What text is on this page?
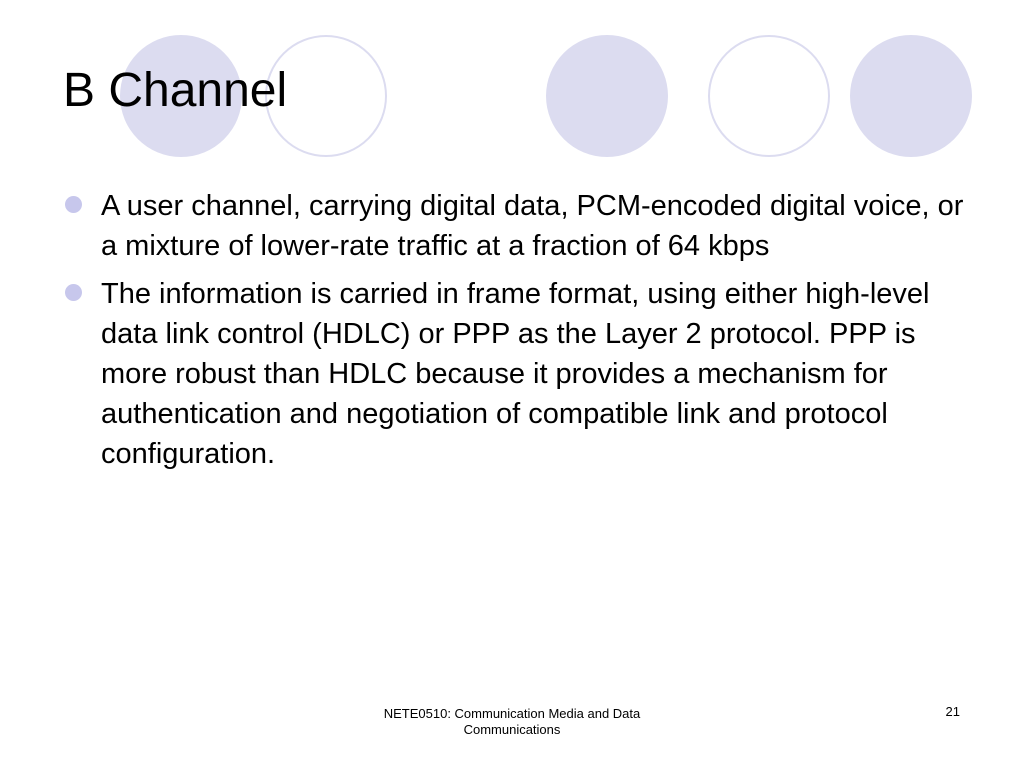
B Channel
A user channel, carrying digital data, PCM-encoded digital voice, or a mixture of lower-rate traffic at a fraction of 64 kbps
The information is carried in frame format, using either high-level data link control (HDLC) or PPP as the Layer 2 protocol. PPP is more robust than HDLC because it provides a mechanism for authentication and negotiation of compatible link and protocol configuration.
NETE0510: Communication Media and Data Communications
21
